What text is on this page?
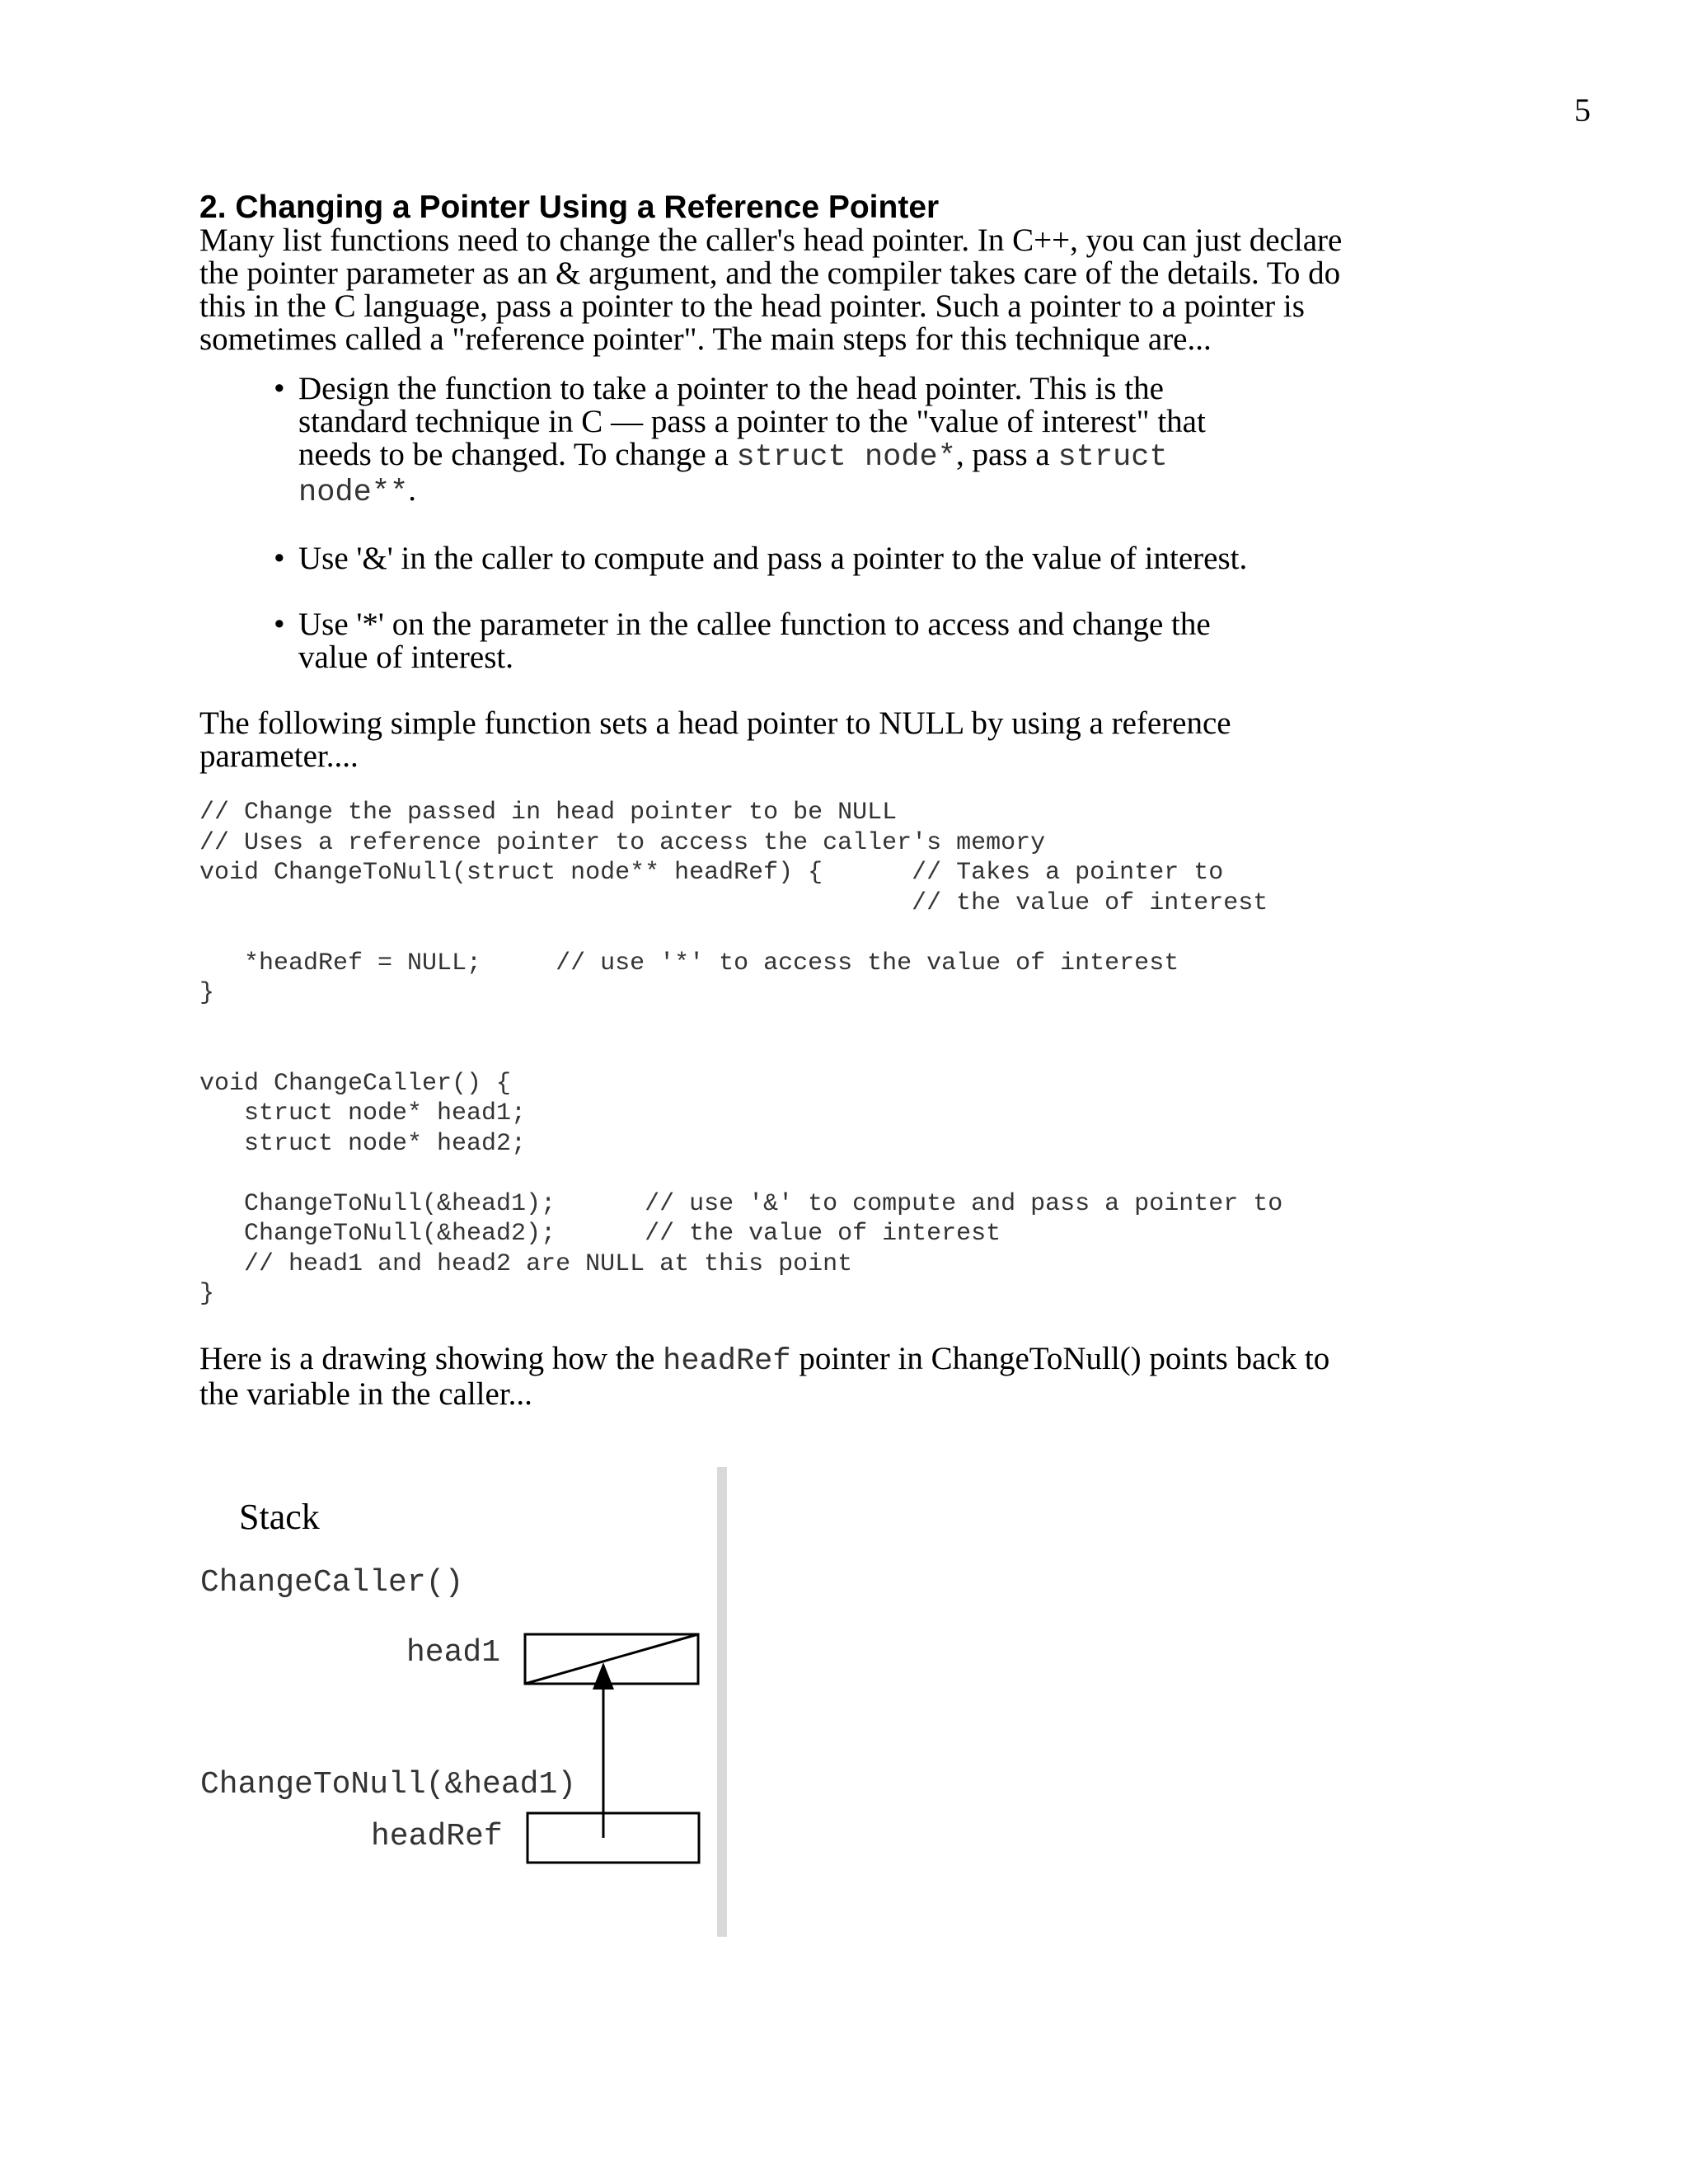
5
2. Changing a Pointer Using a Reference Pointer
Many list functions need to change the caller's head pointer. In C++, you can just declare
the pointer parameter as an & argument, and the compiler takes care of the details. To do
this in the C language, pass a pointer to the head pointer. Such a pointer to a pointer is
sometimes called a "reference pointer". The main steps for this technique are...
• Design the function to take a pointer to the head pointer. This is the
standard technique in C — pass a pointer to the "value of interest" that
needs to be changed. To change a struct node*, pass a struct
node**.
• Use '&' in the caller to compute and pass a pointer to the value of interest.
• Use '*' on the parameter in the callee function to access and change the
value of interest.
The following simple function sets a head pointer to NULL by using a reference
parameter....
// Change the passed in head pointer to be NULL
// Uses a reference pointer to access the caller's memory
void ChangeToNull(struct node** headRef) {      // Takes a pointer to
// the value of interest

*headRef = NULL;     // use '*' to access the value of interest
}

void ChangeCaller() {
struct node* head1;
struct node* head2;

ChangeToNull(&head1);      // use '&' to compute and pass a pointer to
ChangeToNull(&head2);      // the value of interest
// head1 and head2 are NULL at this point
}
Here is a drawing showing how the headRef pointer in ChangeToNull() points back to
the variable in the caller...
Stack
ChangeCaller()
head1
ChangeToNull(&head1)
headRef
